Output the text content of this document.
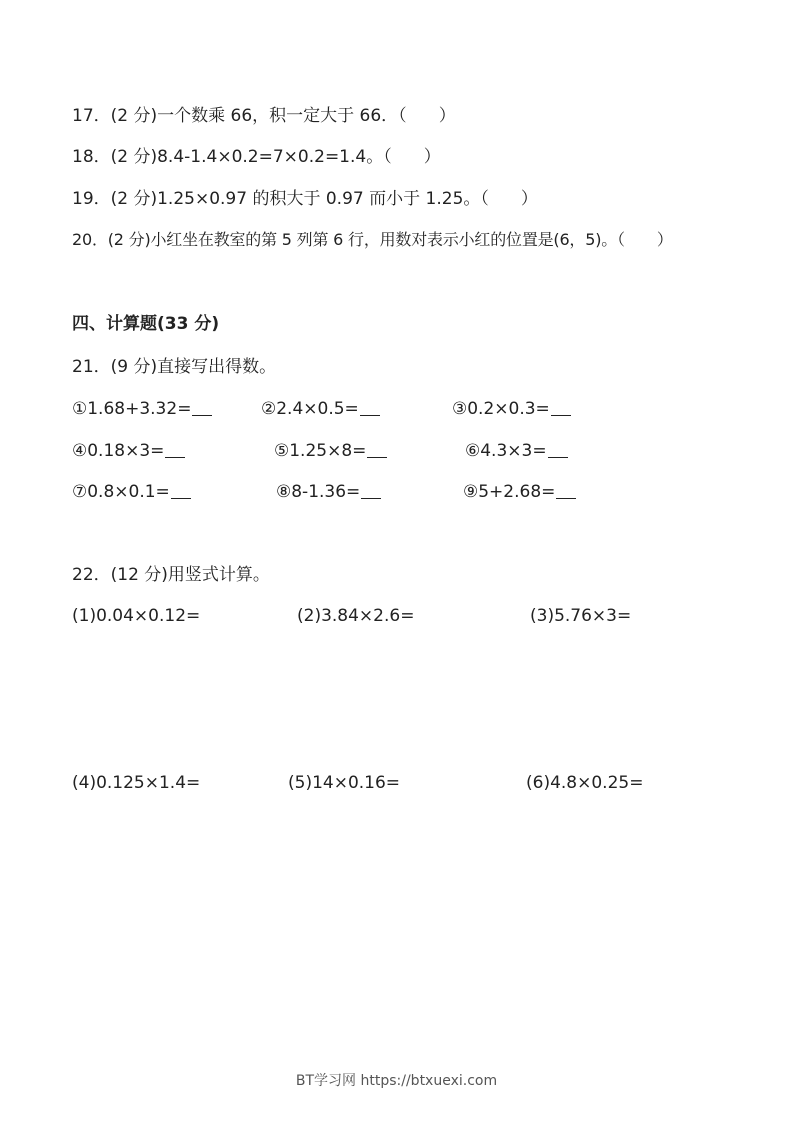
17．(2 分)一个数乘 66，积一定大于 66．（ ）
18．(2 分)8.4-1.4×0.2=7×0.2=1.4。（ ）
19．(2 分)1.25×0.97 的积大于 0.97 而小于 1.25。（ ）
20．(2 分)小红坐在教室的第 5 列第 6 行，用数对表示小红的位置是(6，5)。（ ）
四、计算题(33 分)
21．(9 分)直接写出得数。
①1.68+3.32=	②2.4×0.5=	③0.2×0.3=
④0.18×3=	⑤1.25×8=	⑥4.3×3=
⑦0.8×0.1=	⑧8-1.36=	⑨5+2.68=
22．(12 分)用竖式计算。
(1)0.04×0.12=	(2)3.84×2.6=	(3)5.76×3=
(4)0.125×1.4=	(5)14×0.16=	(6)4.8×0.25=
BT学习网 https://btxuexi.com
